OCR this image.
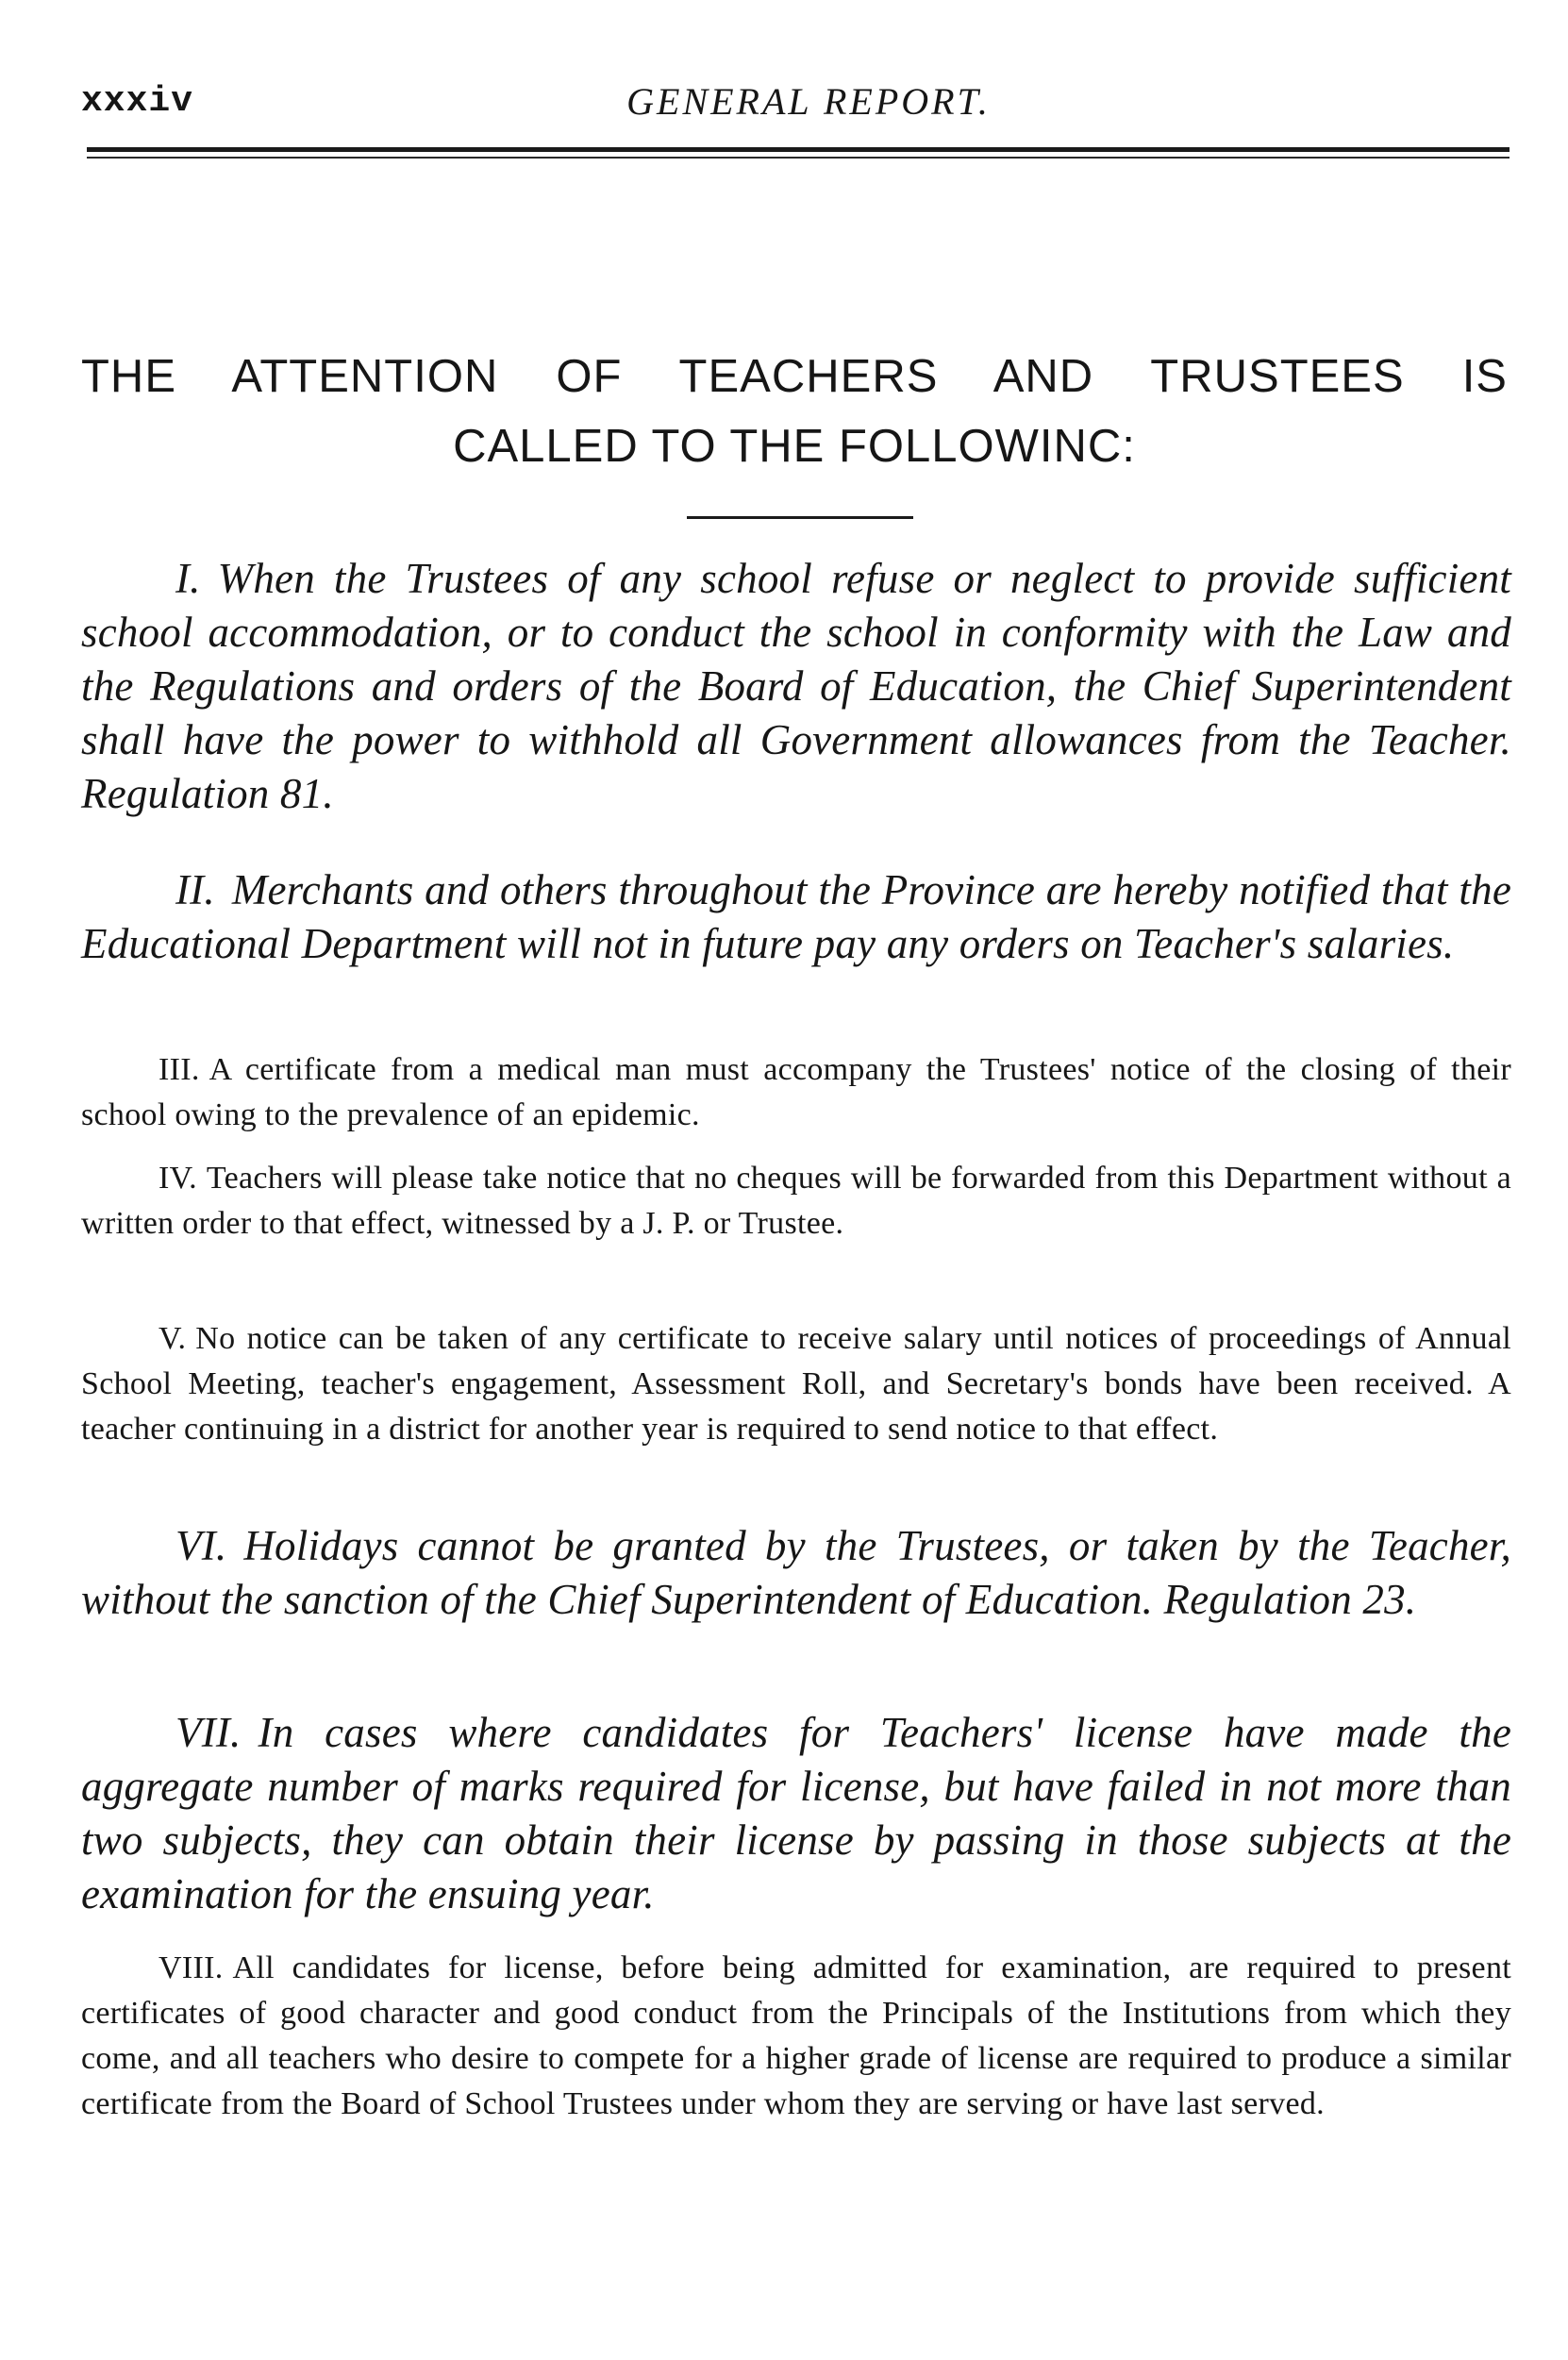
xxxiv	GENERAL REPORT.
THE ATTENTION OF TEACHERS AND TRUSTEES IS
CALLED TO THE FOLLOWINC:

I. When the Trustees of any school refuse or neglect to provide sufficient school accommodation, or to conduct the school in conformity with the Law and the Regulations and orders of the Board of Education, the Chief Superintendent shall have the power to withhold all Government allowances from the Teacher. Regulation 81.

II. Merchants and others throughout the Province are hereby notified that the Educational Department will not in future pay any orders on Teacher's salaries.

III. A certificate from a medical man must accompany the Trustees' notice of the closing of their school owing to the prevalence of an epidemic.

IV. Teachers will please take notice that no cheques will be forwarded from this Department without a written order to that effect, witnessed by a J. P. or Trustee.

V. No notice can be taken of any certificate to receive salary until notices of proceedings of Annual School Meeting, teacher's engagement, Assessment Roll, and Secretary's bonds have been received. A teacher continuing in a district for another year is required to send notice to that effect.

VI. Holidays cannot be granted by the Trustees, or taken by the Teacher, without the sanction of the Chief Superintendent of Education. Regulation 23.

VII. In cases where candidates for Teachers' license have made the aggregate number of marks required for license, but have failed in not more than two subjects, they can obtain their license by passing in those subjects at the examination for the ensuing year.

VIII. All candidates for license, before being admitted for examination, are required to present certificates of good character and good conduct from the Principals of the Institutions from which they come, and all teachers who desire to compete for a higher grade of license are required to produce a similar certificate from the Board of School Trustees under whom they are serving or have last served.
